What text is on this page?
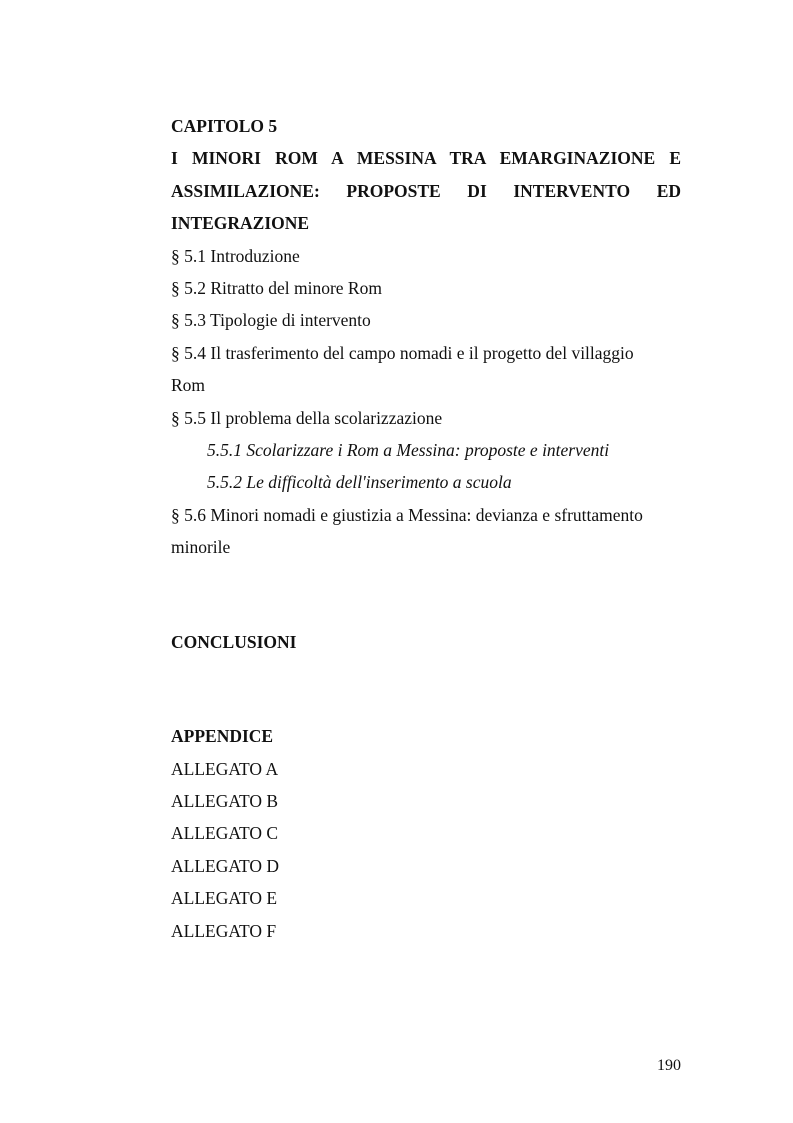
CAPITOLO 5
I MINORI ROM A MESSINA TRA EMARGINAZIONE E
ASSIMILAZIONE: PROPOSTE DI INTERVENTO ED
INTEGRAZIONE
§ 5.1 Introduzione
§ 5.2 Ritratto del minore Rom
§ 5.3 Tipologie di intervento
§ 5.4 Il trasferimento del campo nomadi e il progetto del villaggio
Rom
§ 5.5 Il problema della scolarizzazione
5.5.1 Scolarizzare i Rom a Messina: proposte e interventi
5.5.2 Le difficoltà dell'inserimento a scuola
§ 5.6 Minori nomadi e giustizia a Messina: devianza e sfruttamento
minorile
CONCLUSIONI
APPENDICE
ALLEGATO A
ALLEGATO B
ALLEGATO C
ALLEGATO D
ALLEGATO E
ALLEGATO F
190
